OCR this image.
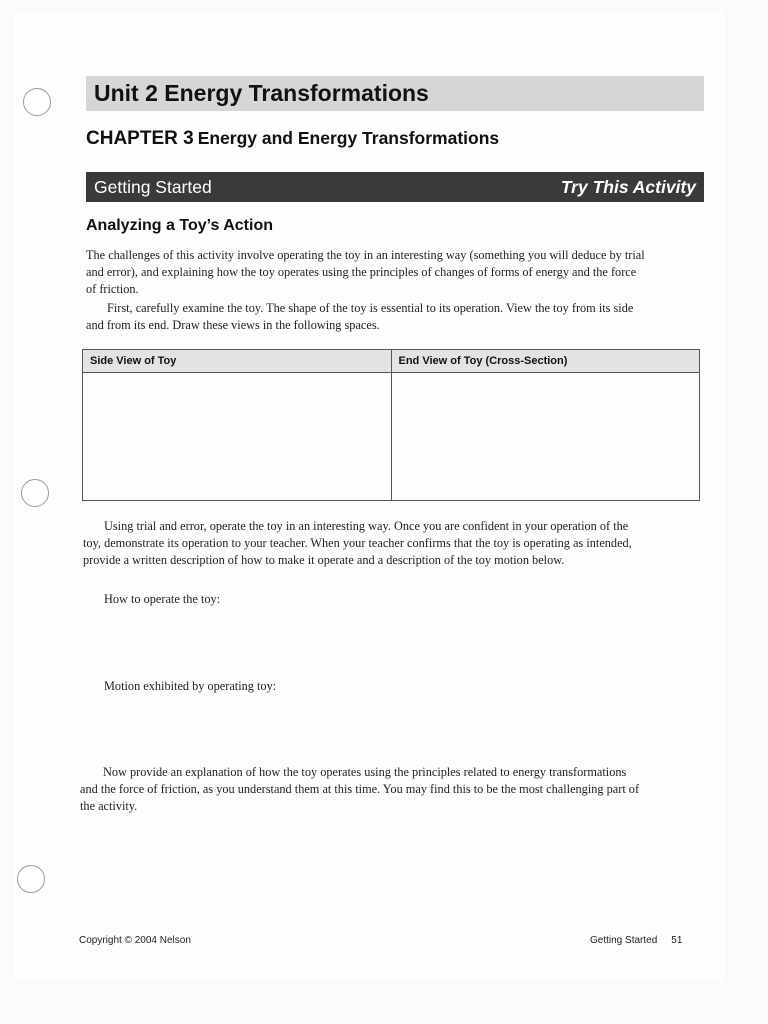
Unit 2 Energy Transformations
CHAPTER 3 Energy and Energy Transformations
Getting Started	Try This Activity
Analyzing a Toy’s Action
The challenges of this activity involve operating the toy in an interesting way (something you will deduce by trial and error), and explaining how the toy operates using the principles of changes of forms of energy and the force of friction.
First, carefully examine the toy. The shape of the toy is essential to its operation. View the toy from its side and from its end. Draw these views in the following spaces.
Side View of Toy	End View of Toy (Cross-Section)

Using trial and error, operate the toy in an interesting way. Once you are confident in your operation of the toy, demonstrate its operation to your teacher. When your teacher confirms that the toy is operating as intended, provide a written description of how to make it operate and a description of the toy motion below.
How to operate the toy:
Motion exhibited by operating toy:
Now provide an explanation of how the toy operates using the principles related to energy transformations and the force of friction, as you understand them at this time. You may find this to be the most challenging part of the activity.
Copyright © 2004 Nelson	Getting Started 51
